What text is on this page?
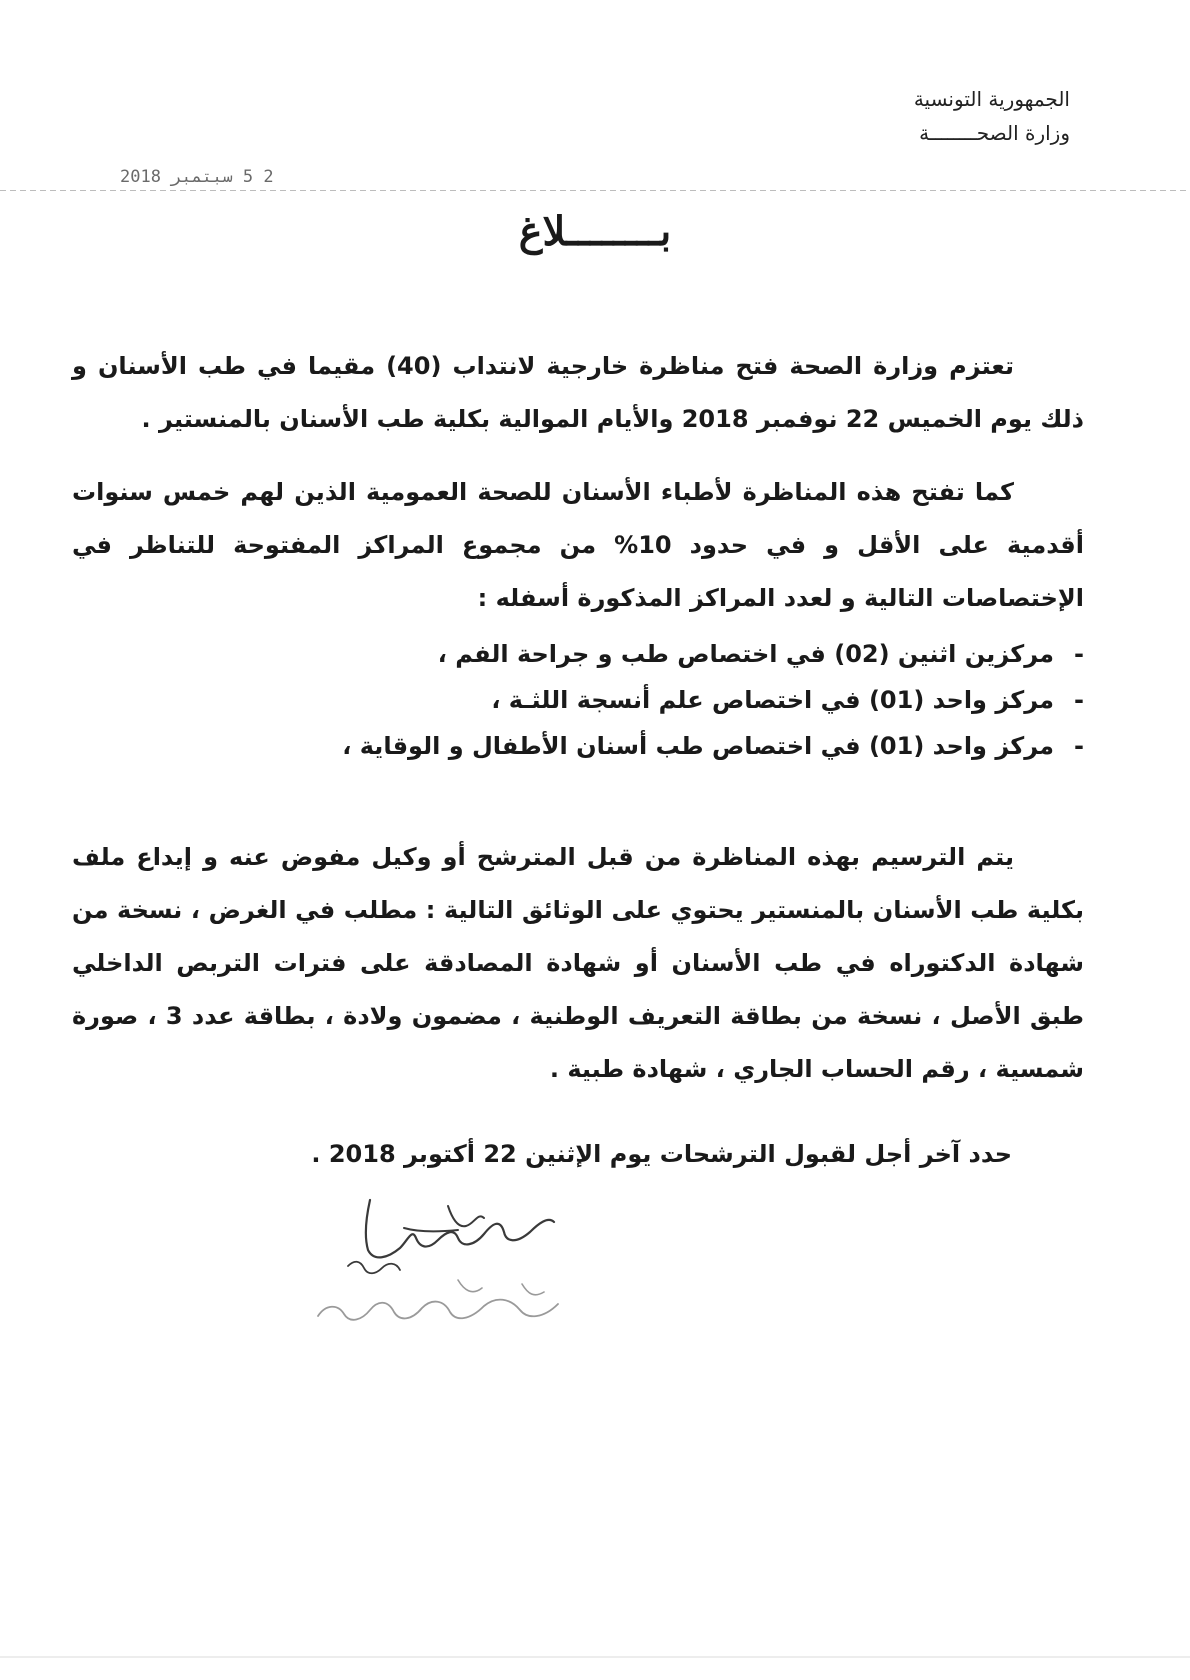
الجمهورية التونسية
وزارة الصحــــــــة
2 5 سبتمبر 2018
بــــــــلاغ

تعتزم وزارة الصحة فتح مناظرة خارجية لانتداب (40) مقيما في طب الأسنان و ذلك يوم الخميس 22 نوفمبر 2018 والأيام الموالية بكلية طب الأسنان بالمنستير .

كما تفتح هذه المناظرة لأطباء الأسنان للصحة العمومية الذين لهم خمس سنوات أقدمية على الأقل و في حدود 10% من مجموع المراكز المفتوحة للتناظر في الإختصاصات التالية و لعدد المراكز المذكورة أسفله :

-مركزين اثنين (02) في اختصاص طب و جراحة الفم ،
-مركز واحد (01) في اختصاص علم أنسجة اللثـة ،
-مركز واحد (01) في اختصاص طب أسنان الأطفال و الوقاية ،

يتم الترسيم بهذه المناظرة من قبل المترشح أو وكيل مفوض عنه و إيداع ملف بكلية طب الأسنان بالمنستير يحتوي على الوثائق التالية : مطلب في الغرض ، نسخة من شهادة الدكتوراه في طب الأسنان أو شهادة المصادقة على فترات التربص الداخلي طبق الأصل ، نسخة من بطاقة التعريف الوطنية ، مضمون ولادة ، بطاقة عدد 3 ، صورة شمسية ، رقم الحساب الجاري ، شهادة طبية .

حدد آخر أجل لقبول الترشحات يوم الإثنين 22 أكتوبر 2018 .
